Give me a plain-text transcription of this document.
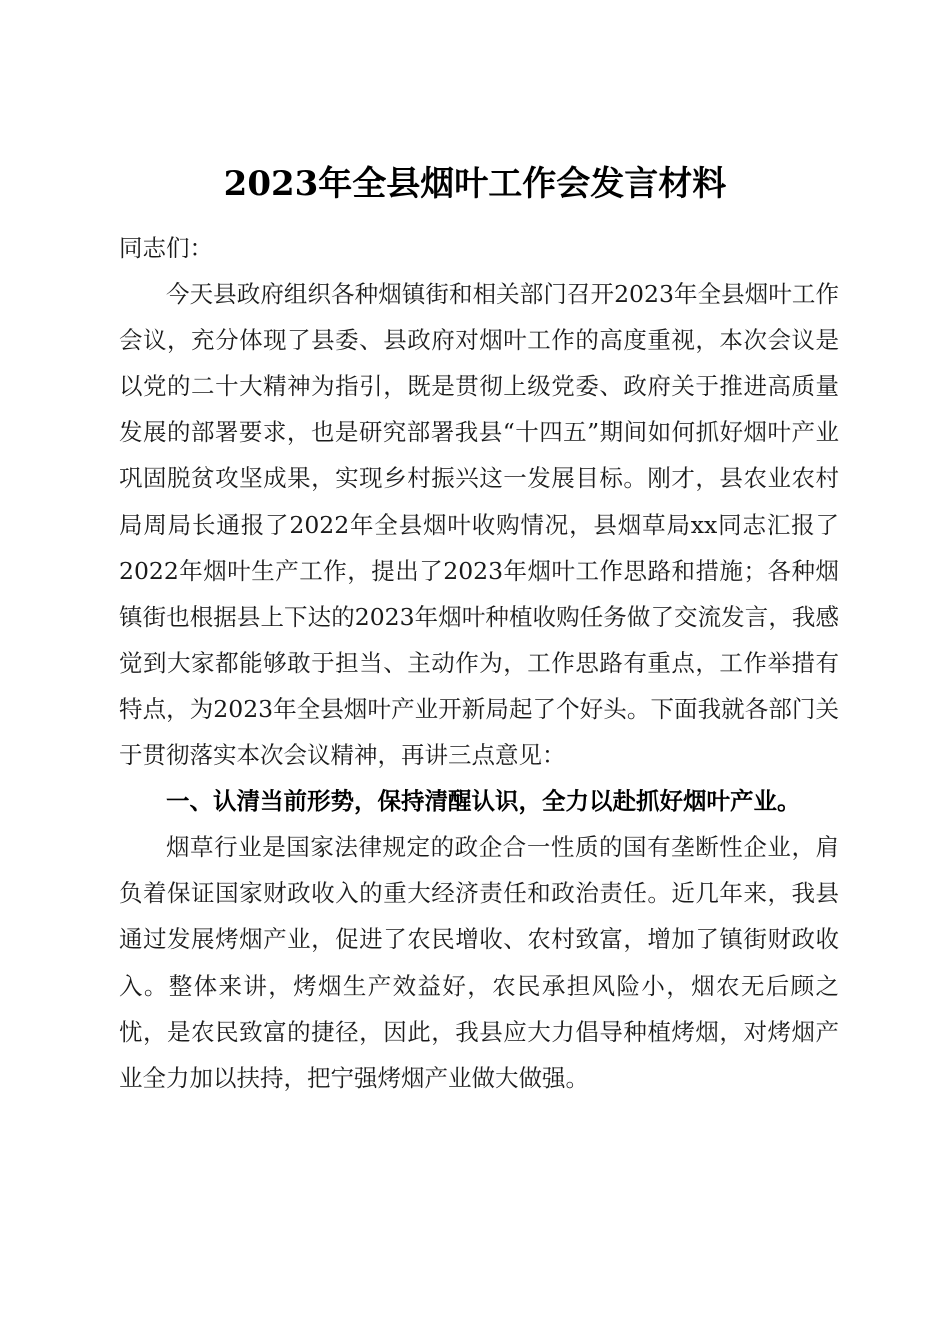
2023年全县烟叶工作会发言材料

同志们：

今天县政府组织各种烟镇街和相关部门召开2023年全县烟叶工作会议，充分体现了县委、县政府对烟叶工作的高度重视，本次会议是以党的二十大精神为指引，既是贯彻上级党委、政府关于推进高质量发展的部署要求，也是研究部署我县“十四五”期间如何抓好烟叶产业巩固脱贫攻坚成果，实现乡村振兴这一发展目标。刚才，县农业农村局周局长通报了2022年全县烟叶收购情况，县烟草局xx同志汇报了2022年烟叶生产工作，提出了2023年烟叶工作思路和措施；各种烟镇街也根据县上下达的2023年烟叶种植收购任务做了交流发言，我感觉到大家都能够敢于担当、主动作为，工作思路有重点，工作举措有特点，为2023年全县烟叶产业开新局起了个好头。下面我就各部门关于贯彻落实本次会议精神，再讲三点意见：

一、认清当前形势，保持清醒认识，全力以赴抓好烟叶产业。

烟草行业是国家法律规定的政企合一性质的国有垄断性企业，肩负着保证国家财政收入的重大经济责任和政治责任。近几年来，我县通过发展烤烟产业，促进了农民增收、农村致富，增加了镇街财政收入。整体来讲，烤烟生产效益好，农民承担风险小，烟农无后顾之忧，是农民致富的捷径，因此，我县应大力倡导种植烤烟，对烤烟产业全力加以扶持，把宁强烤烟产业做大做强。
